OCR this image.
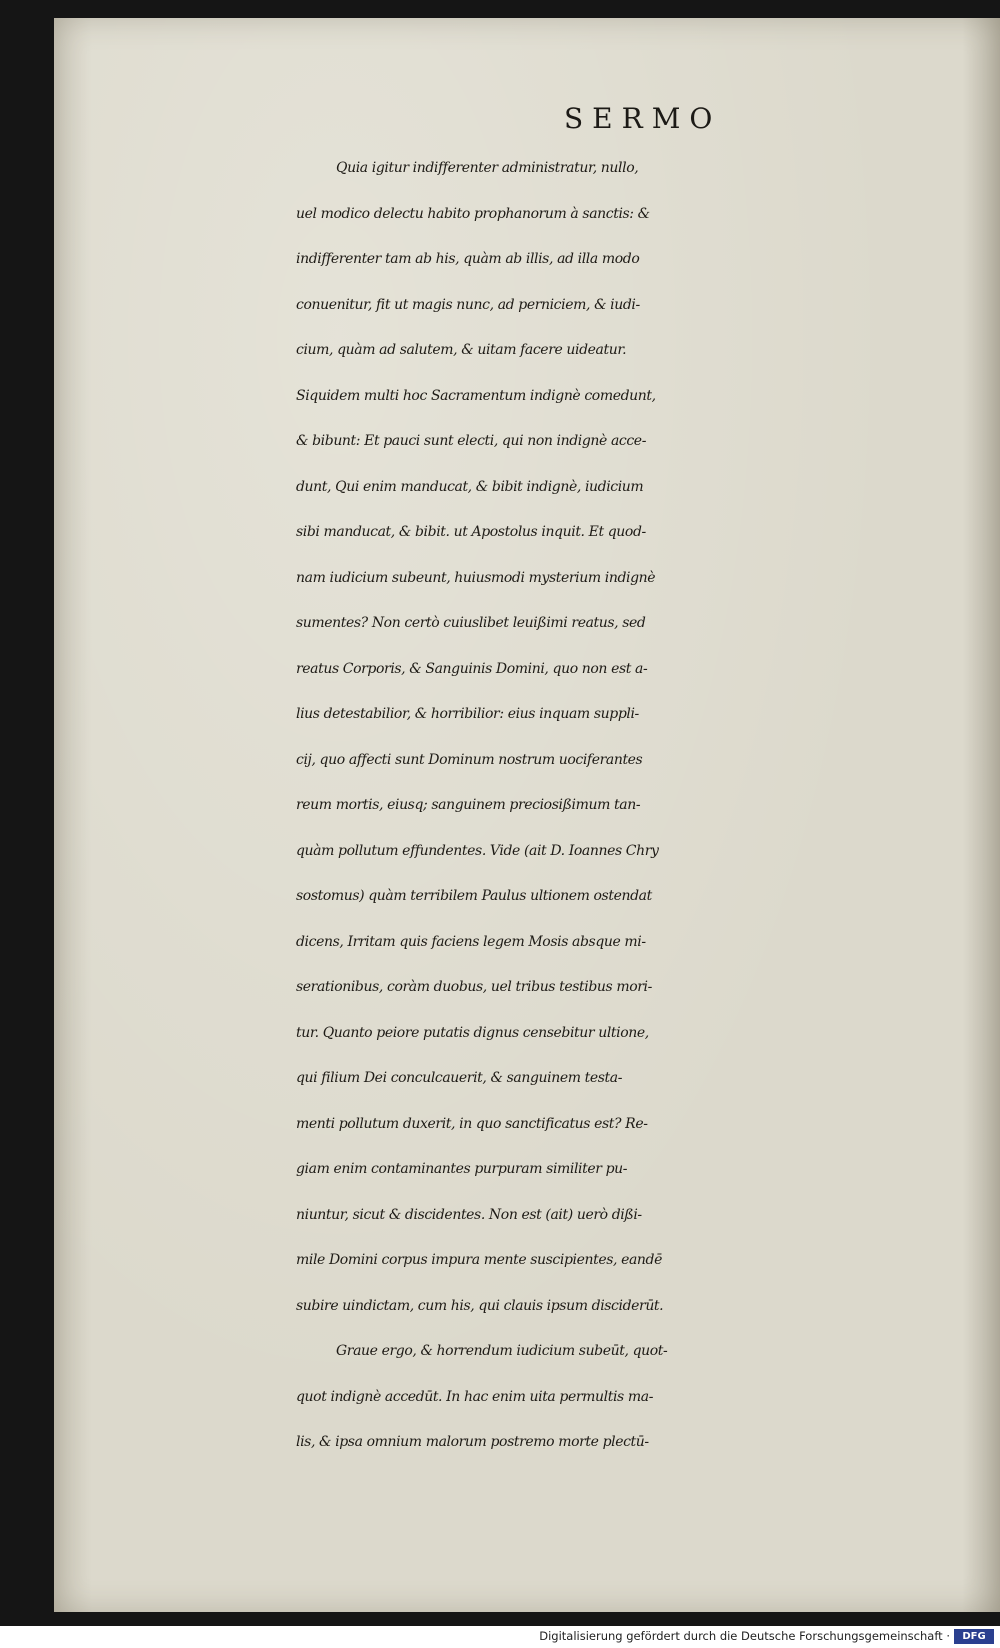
SERMO
Quia igitur indifferenter administratur, nullo,
uel modico delectu habito prophanorum à sanctis: &
indifferenter tam ab his, quàm ab illis, ad illa modo
conuenitur, fit ut magis nunc, ad perniciem, & iudi-
cium, quàm ad salutem, & uitam facere uideatur.
Siquidem multi hoc Sacramentum indignè comedunt,
& bibunt: Et pauci sunt electi, qui non indignè acce-
dunt, Qui enim manducat, & bibit indignè, iudicium
sibi manducat, & bibit. ut Apostolus inquit. Et quod-
nam iudicium subeunt, huiusmodi mysterium indignè
sumentes? Non certò cuiuslibet leuißimi reatus, sed
reatus Corporis, & Sanguinis Domini, quo non est a-
lius detestabilior, & horribilior: eius inquam suppli-
cij, quo affecti sunt Dominum nostrum uociferantes
reum mortis, eiusq; sanguinem preciosißimum tan-
quàm pollutum effundentes. Vide (ait D. Ioannes Chry
sostomus) quàm terribilem Paulus ultionem ostendat
dicens, Irritam quis faciens legem Mosis absque mi-
serationibus, coràm duobus, uel tribus testibus mori-
tur. Quanto peiore putatis dignus censebitur ultione,
qui filium Dei conculcauerit, & sanguinem testa-
menti pollutum duxerit, in quo sanctificatus est? Re-
giam enim contaminantes purpuram similiter pu-
niuntur, sicut & discidentes. Non est (ait) uerò dißi-
mile Domini corpus impura mente suscipientes, eandē
subire uindictam, cum his, qui clauis ipsum disciderūt.
Graue ergo, & horrendum iudicium subeūt, quot-
quot indignè accedūt. In hac enim uita permultis ma-
lis, & ipsa omnium malorum postremo morte plectū-
Digitalisierung gefördert durch die Deutsche Forschungsgemeinschaft ·	DFG
